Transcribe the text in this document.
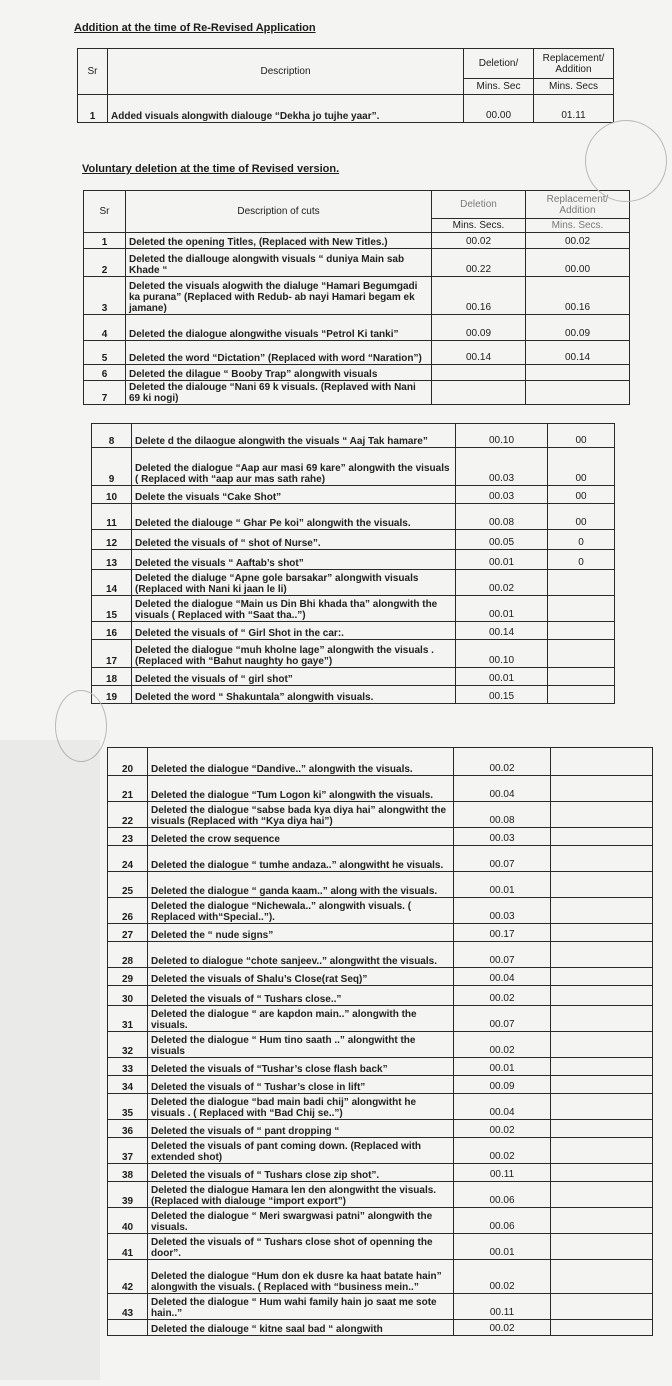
Addition at the time of Re-Revised Application
Sr	Description	Deletion/	Replacement/ Addition
		Mins. Sec	Mins. Secs
1	Added visuals alongwith dialouge “Dekha jo tujhe yaar”.	00.00	01.11
Voluntary deletion at the time of Revised version.
Sr	Description of cuts	Deletion	Replacement/ Addition
		Mins. Secs.	Mins. Secs.
1	Deleted the opening Titles, (Replaced with New Titles.)	00.02	00.02
2	Deleted the diallouge alongwith visuals “ duniya Main sab Khade “	00.22	00.00
3	Deleted the visuals alogwith the dialuge “Hamari Begumgadi ka purana” (Replaced with Redub- ab nayi Hamari begam ek jamane)	00.16	00.16
4	Deleted the dialogue alongwithe visuals “Petrol Ki tanki”	00.09	00.09
5	Deleted the word “Dictation” (Replaced with word “Naration”)	00.14	00.14
6	Deleted the dilague “ Booby Trap” alongwith visuals		
7	Deleted the dialouge “Nani 69 k visuals. (Replaved with Nani 69 ki nogi)		
8	Delete d the dilaogue alongwith the visuals “ Aaj Tak hamare”	00.10	00
9	Deleted the dialogue “Aap aur masi 69 kare” alongwith the visuals ( Replaced with “aap aur mas sath rahe)	00.03	00
10	Delete the visuals “Cake Shot”	00.03	00
11	Deleted the dialouge “ Ghar Pe koi” alongwith the visuals.	00.08	00
12	Deleted the visuals of “ shot of Nurse”.	00.05	0
13	Deleted the visuals “ Aaftab’s shot”	00.01	0
14	Deleted the dialuge “Apne gole barsakar” alongwith visuals (Replaced with Nani ki jaan le li)	00.02	
15	Deleted the dialogue “Main us Din Bhi khada tha” alongwith the visuals ( Replaced with “Saat tha..”)	00.01	
16	Deleted the visuals of “ Girl Shot in the car:.	00.14	
17	Deleted the dialogue “muh kholne lage” alongwith the visuals . (Replaced with “Bahut naughty ho gaye”)	00.10	
18	Deleted the visuals of “ girl shot”	00.01	
19	Deleted the word “ Shakuntala” alongwith visuals.	00.15	
20	Deleted the dialogue “Dandive..” alongwith the visuals.	00.02	
21	Deleted the dialogue “Tum Logon ki” alongwith the visuals.	00.04	
22	Deleted the dialogue “sabse bada kya diya hai” alongwitht the visuals (Replaced with “Kya diya hai”)	00.08	
23	Deleted the crow sequence	00.03	
24	Deleted the dialogue “ tumhe andaza..” alongwitht he visuals.	00.07	
25	Deleted the dialogue “ ganda kaam..” along with the visuals.	00.01	
26	Deleted the dialogue “Nichewala..” alongwith visuals. ( Replaced with“Special..”).	00.03	
27	Deleted the “ nude signs”	00.17	
28	Deleted to dialogue “chote sanjeev..” alongwitht the visuals.	00.07	
29	Deleted the visuals of Shalu’s Close(rat Seq)”	00.04	
30	Deleted the visuals of “ Tushars close..”	00.02	
31	Deleted the dialogue “ are kapdon main..” alongwith the visuals.	00.07	
32	Deleted the dialogue “ Hum tino saath ..” alongwitht the visuals	00.02	
33	Deleted the visuals of “Tushar’s close flash back”	00.01	
34	Deleted the visuals of “ Tushar’s close in lift”	00.09	
35	Deleted the dialogue “bad main badi chij” alongwitht he visuals . ( Replaced with “Bad Chij se..”)	00.04	
36	Deleted the visuals of “ pant dropping “	00.02	
37	Deleted the visuals of pant coming down. (Replaced with extended shot)	00.02	
38	Deleted the visuals of “ Tushars close zip shot”.	00.11	
39	Deleted the dialogue Hamara len den alongwitht the visuals. (Replaced with dialouge “import export”)	00.06	
40	Deleted the dialogue “ Meri swargwasi patni” alongwith the visuals.	00.06	
41	Deleted the visuals of “ Tushars close shot of openning the door”.	00.01	
42	Deleted the dialogue “Hum don ek dusre ka haat batate hain” alongwith the visuals. ( Replaced with “business mein..”	00.02	
43	Deleted the dialogue “ Hum wahi family hain jo saat me sote hain..”	00.11	
	Deleted the dialouge “ kitne saal bad “ alongwith	00.02	
